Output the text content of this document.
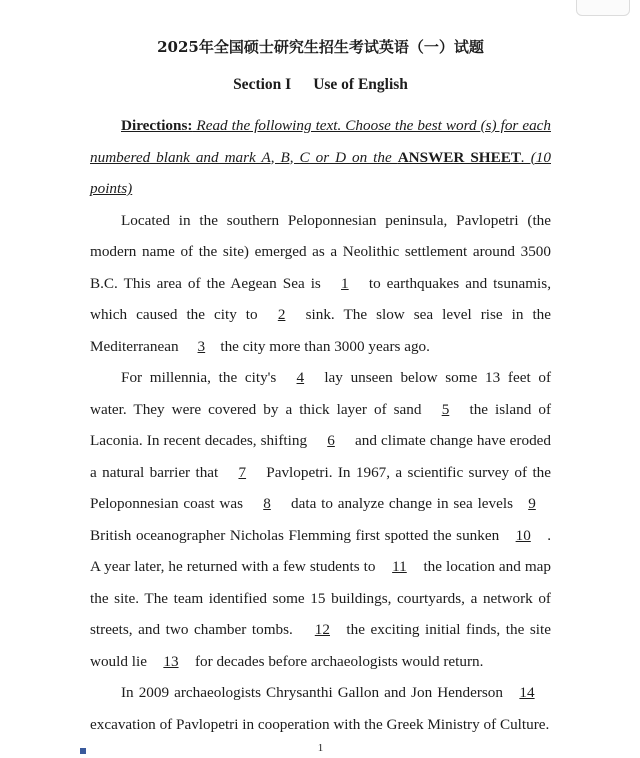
2025年全国硕士研究生招生考试英语（一）试题
Section I Use of English

Directions: Read the following text. Choose the best word (s) for each numbered blank and mark A, B, C or D on the ANSWER SHEET. (10 points)

Located in the southern Peloponnesian peninsula, Pavlopetri (the modern name of the site) emerged as a Neolithic settlement around 3500 B.C. This area of the Aegean Sea is 1 to earthquakes and tsunamis, which caused the city to 2 sink. The slow sea level rise in the Mediterranean 3 the city more than 3000 years ago.

For millennia, the city's 4 lay unseen below some 13 feet of water. They were covered by a thick layer of sand 5 the island of Laconia. In recent decades, shifting 6 and climate change have eroded a natural barrier that 7 Pavlopetri. In 1967, a scientific survey of the Peloponnesian coast was 8 data to analyze change in sea levels 9 British oceanographer Nicholas Flemming first spotted the sunken 10 . A year later, he returned with a few students to 11 the location and map the site. The team identified some 15 buildings, courtyards, a network of streets, and two chamber tombs. 12 the exciting initial finds, the site would lie 13 for decades before archaeologists would return.

In 2009 archaeologists Chrysanthi Gallon and Jon Henderson 14 excavation of Pavlopetri in cooperation with the Greek Ministry of Culture.

1
